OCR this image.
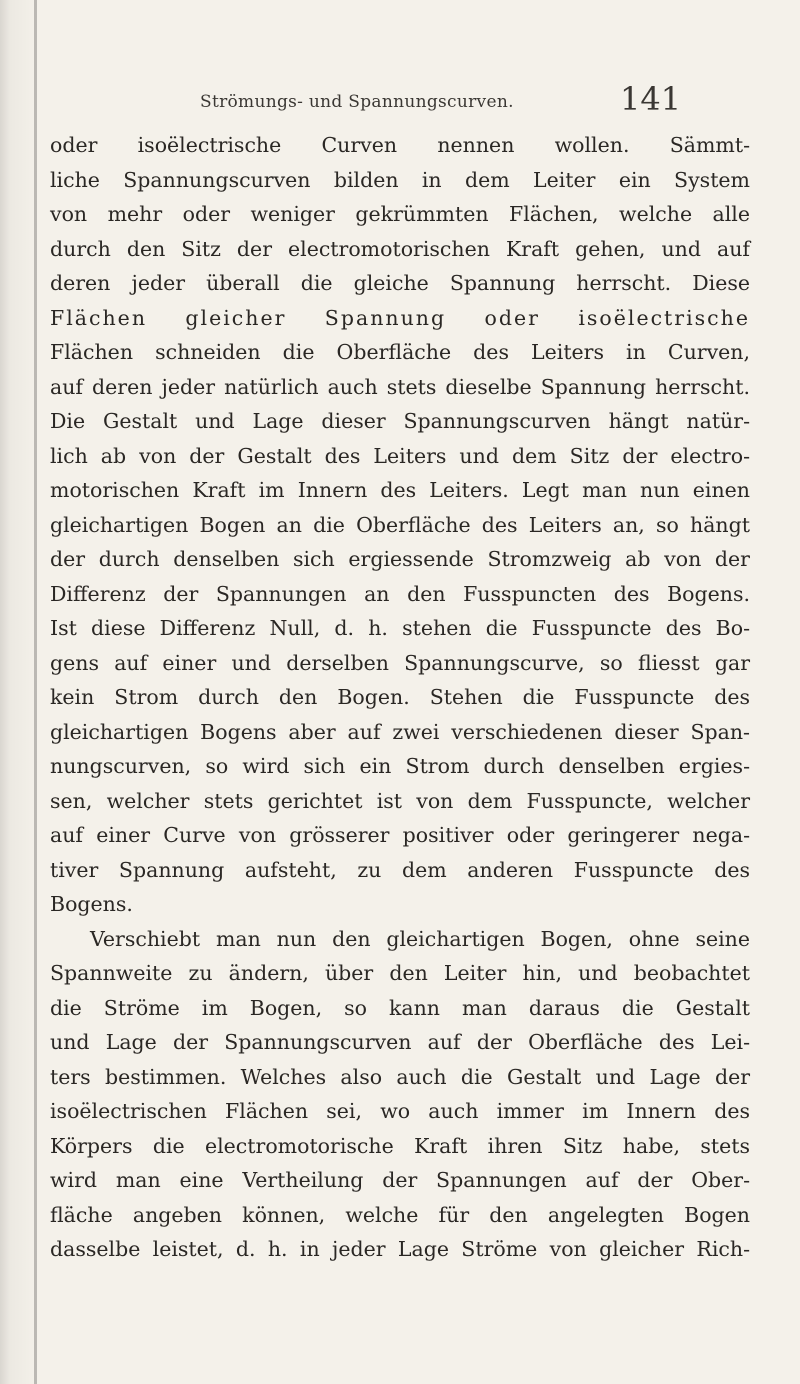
Strömungs- und Spannungscurven.	141
oder isoëlectrische Curven nennen wollen. Sämmt-
liche Spannungscurven bilden in dem Leiter ein System
von mehr oder weniger gekrümmten Flächen, welche alle
durch den Sitz der electromotorischen Kraft gehen, und auf
deren jeder überall die gleiche Spannung herrscht. Diese
Flächen gleicher Spannung oder isoëlectrische
Flächen schneiden die Oberfläche des Leiters in Curven,
auf deren jeder natürlich auch stets dieselbe Spannung herrscht.
Die Gestalt und Lage dieser Spannungscurven hängt natür-
lich ab von der Gestalt des Leiters und dem Sitz der electro-
motorischen Kraft im Innern des Leiters. Legt man nun einen
gleichartigen Bogen an die Oberfläche des Leiters an, so hängt
der durch denselben sich ergiessende Stromzweig ab von der
Differenz der Spannungen an den Fusspuncten des Bogens.
Ist diese Differenz Null, d. h. stehen die Fusspuncte des Bo-
gens auf einer und derselben Spannungscurve, so fliesst gar
kein Strom durch den Bogen. Stehen die Fusspuncte des
gleichartigen Bogens aber auf zwei verschiedenen dieser Span-
nungscurven, so wird sich ein Strom durch denselben ergies-
sen, welcher stets gerichtet ist von dem Fusspuncte, welcher
auf einer Curve von grösserer positiver oder geringerer nega-
tiver Spannung aufsteht, zu dem anderen Fusspuncte des
Bogens.
Verschiebt man nun den gleichartigen Bogen, ohne seine
Spannweite zu ändern, über den Leiter hin, und beobachtet
die Ströme im Bogen, so kann man daraus die Gestalt
und Lage der Spannungscurven auf der Oberfläche des Lei-
ters bestimmen. Welches also auch die Gestalt und Lage der
isoëlectrischen Flächen sei, wo auch immer im Innern des
Körpers die electromotorische Kraft ihren Sitz habe, stets
wird man eine Vertheilung der Spannungen auf der Ober-
fläche angeben können, welche für den angelegten Bogen
dasselbe leistet, d. h. in jeder Lage Ströme von gleicher Rich-
